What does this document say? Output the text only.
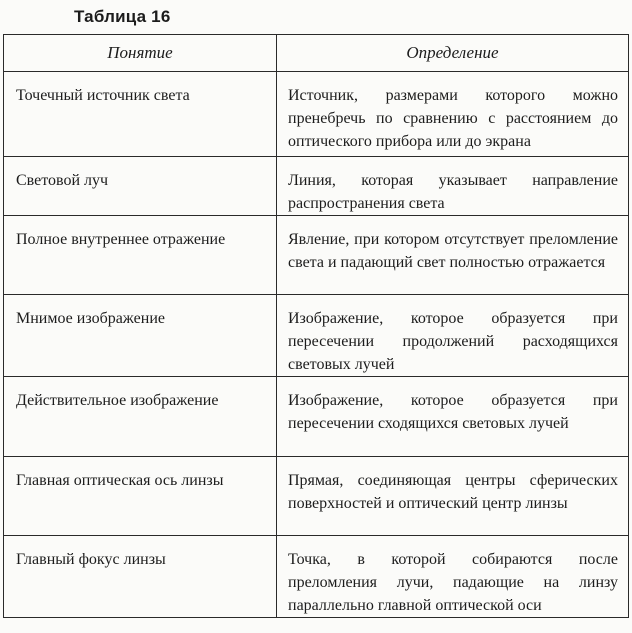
Таблица 16
Понятие	Определение
Точечный источник света	Источник, размерами которого можно пренебречь по сравнению с расстоянием до оптического прибора или до экрана
Световой луч	Линия, которая указывает направление распространения света
Полное внутреннее отражение	Явление, при котором отсутствует преломление света и падающий свет полностью отражается
Мнимое изображение	Изображение, которое образуется при пересечении продолжений расходящихся световых лучей
Действительное изображение	Изображение, которое образуется при пересечении сходящихся световых лучей
Главная оптическая ось линзы	Прямая, соединяющая центры сферических поверхностей и оптический центр линзы
Главный фокус линзы	Точка, в которой собираются после преломления лучи, падающие на линзу параллельно главной оптической оси
